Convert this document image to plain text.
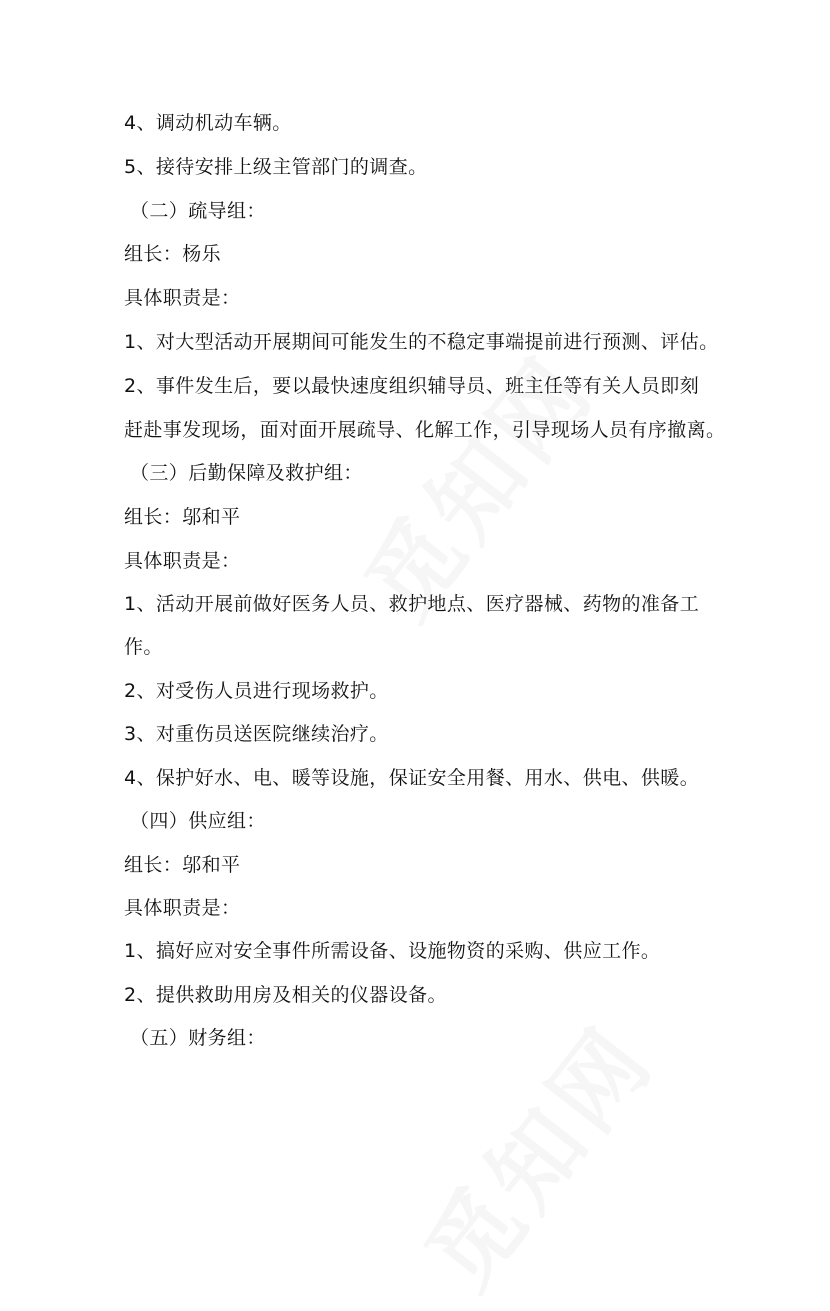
4、调动机动车辆。
5、接待安排上级主管部门的调查。
（二）疏导组：
组长：杨乐
具体职责是：
1、对大型活动开展期间可能发生的不稳定事端提前进行预测、评估。
2、事件发生后，要以最快速度组织辅导员、班主任等有关人员即刻
赶赴事发现场，面对面开展疏导、化解工作，引导现场人员有序撤离。
（三）后勤保障及救护组：
组长：邬和平
具体职责是：
1、活动开展前做好医务人员、救护地点、医疗器械、药物的准备工
作。
2、对受伤人员进行现场救护。
3、对重伤员送医院继续治疗。
4、保护好水、电、暖等设施，保证安全用餐、用水、供电、供暖。
（四）供应组：
组长：邬和平
具体职责是：
1、搞好应对安全事件所需设备、设施物资的采购、供应工作。
2、提供救助用房及相关的仪器设备。
（五）财务组：
